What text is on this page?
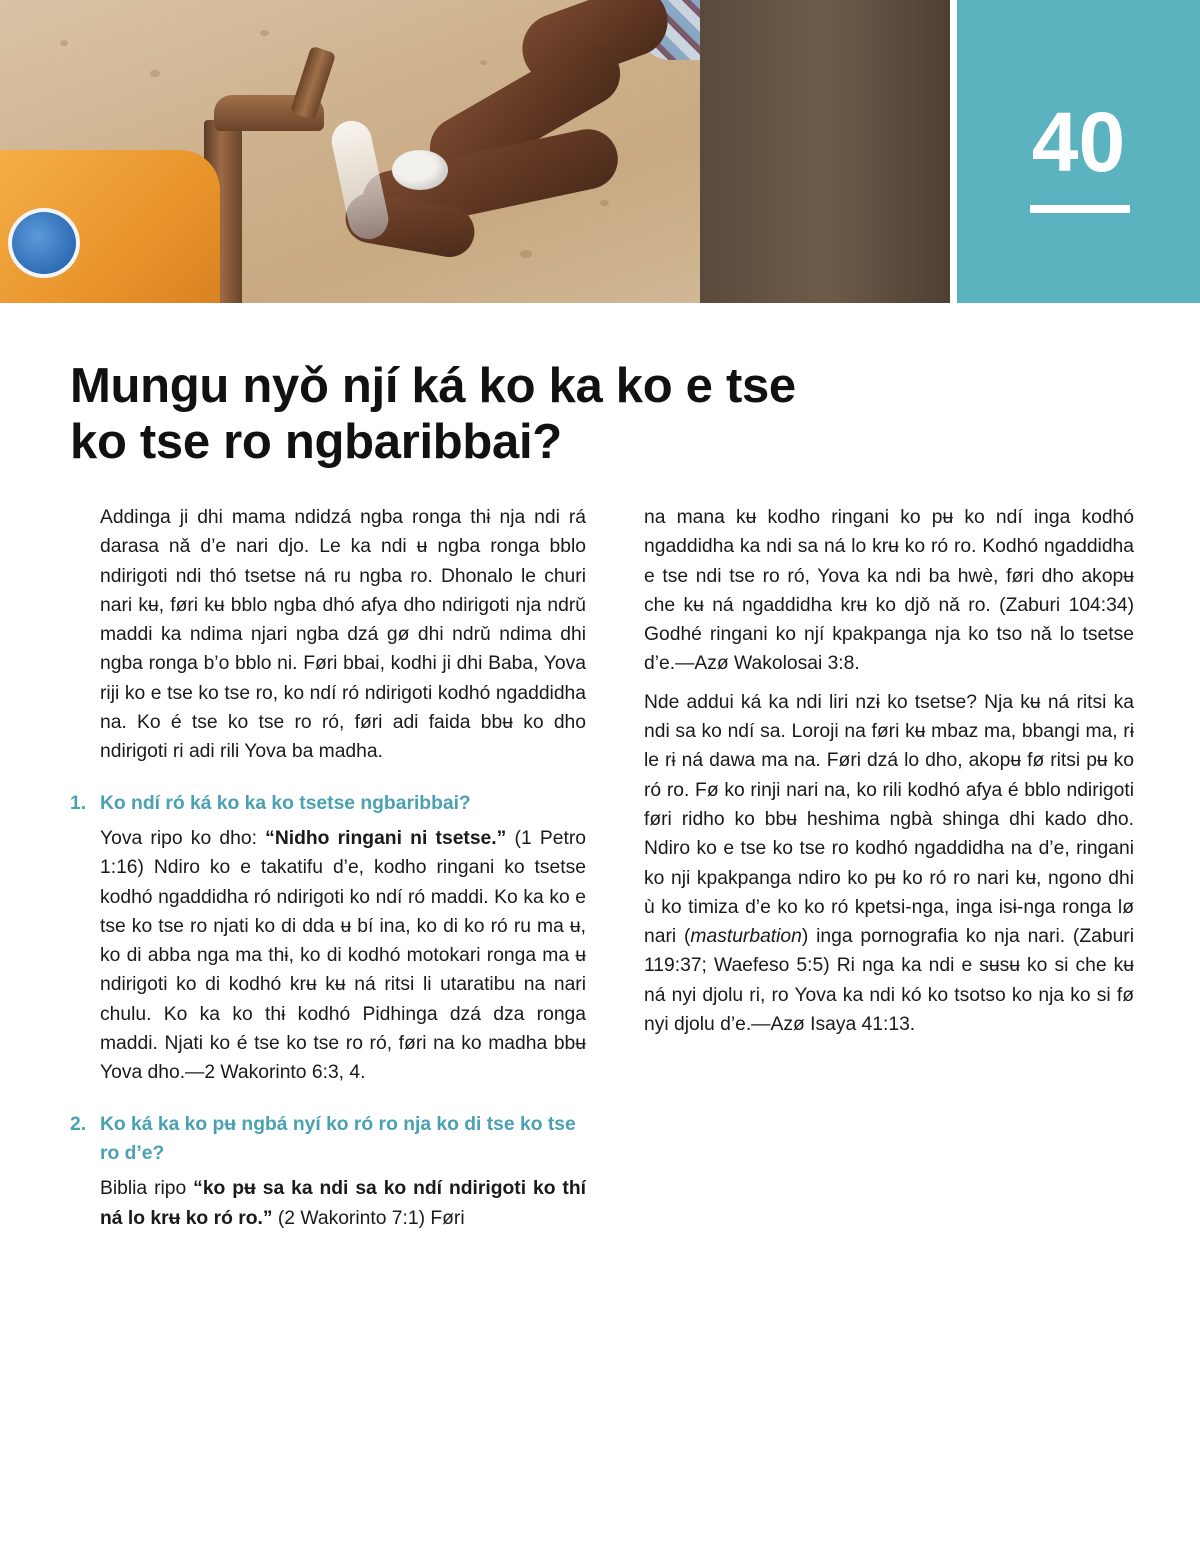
40
Mungu nyǒ njí ká ko ka ko e tse ko tse ro ngbaribbai?

Addinga ji dhi mama ndidzá ngba ronga thɨ nja ndi rá darasa nǎ d’e nari djo. Le ka ndi ʉ ngba ronga bblo ndirigoti ndi thó tsetse ná ru ngba ro. Dhonalo le churi nari kʉ, føri kʉ bblo ngba dhó afya dho ndirigoti nja ndrǔ maddi ka ndima njari ngba dzá gø dhi ndrǔ ndima dhi ngba ronga b’o bblo ni. Føri bbai, kodhi ji dhi Baba, Yova riji ko e tse ko tse ro, ko ndí ró ndirigoti kodhó ngaddidha na. Ko é tse ko tse ro ró, føri adi faida bbʉ ko dho ndirigoti ri adi rili Yova ba madha.

1. Ko ndí ró ká ko ka ko tsetse ngbaribbai?

Yova ripo ko dho: “Nidho ringani ni tsetse.” (1 Petro 1:16) Ndiro ko e takatifu d’e, kodho ringani ko tsetse kodhó ngaddidha ró ndirigoti ko ndí ró maddi. Ko ka ko e tse ko tse ro njati ko di dda ʉ bí ina, ko di ko ró ru ma ʉ, ko di abba nga ma thɨ, ko di kodhó motokari ronga ma ʉ ndirigoti ko di kodhó krʉ kʉ ná ritsi li utaratibu na nari chulu. Ko ka ko thɨ kodhó Pidhinga dzá dza ronga maddi. Njati ko é tse ko tse ro ró, føri na ko madha bbʉ Yova dho.—2 Wakorinto 6:3, 4.

2. Ko ká ka ko pʉ ngbá nyí ko ró ro nja ko di tse ko tse ro d’e?

Biblia ripo “ko pʉ sa ka ndi sa ko ndí ndirigoti ko thí ná lo krʉ ko ró ro.” (2 Wakorinto 7:1) Føri

na mana kʉ kodho ringani ko pʉ ko ndí inga kodhó ngaddidha ka ndi sa ná lo krʉ ko ró ro. Kodhó ngaddidha e tse ndi tse ro ró, Yova ka ndi ba hwè, føri dho akopʉ che kʉ ná ngaddidha krʉ ko djǒ nǎ ro. (Zaburi 104:34) Godhé ringani ko njí kpakpanga nja ko tso nǎ lo tsetse d’e.—Azø Wakolosai 3:8.

Nde addui ká ka ndi liri nzɨ ko tsetse? Nja kʉ ná ritsi ka ndi sa ko ndí sa. Loroji na føri kʉ mbaz ma, bbangi ma, rɨ le rɨ ná dawa ma na. Føri dzá lo dho, akopʉ fø ritsi pʉ ko ró ro. Fø ko rinji nari na, ko rili kodhó afya é bblo ndirigoti føri ridho ko bbʉ heshima ngbà shinga dhi kado dho. Ndiro ko e tse ko tse ro kodhó ngaddidha na d’e, ringani ko nji kpakpanga ndiro ko pʉ ko ró ro nari kʉ, ngono dhi ù ko timiza d’e ko ko ró kpetsi-nga, inga isɨ-nga ronga lø nari (masturbation) inga pornografia ko nja nari. (Zaburi 119:37; Waefeso 5:5) Ri nga ka ndi e sʉsʉ ko si che kʉ ná nyi djolu ri, ro Yova ka ndi kó ko tsotso ko nja ko si fø nyi djolu d’e.—Azø Isaya 41:13.
